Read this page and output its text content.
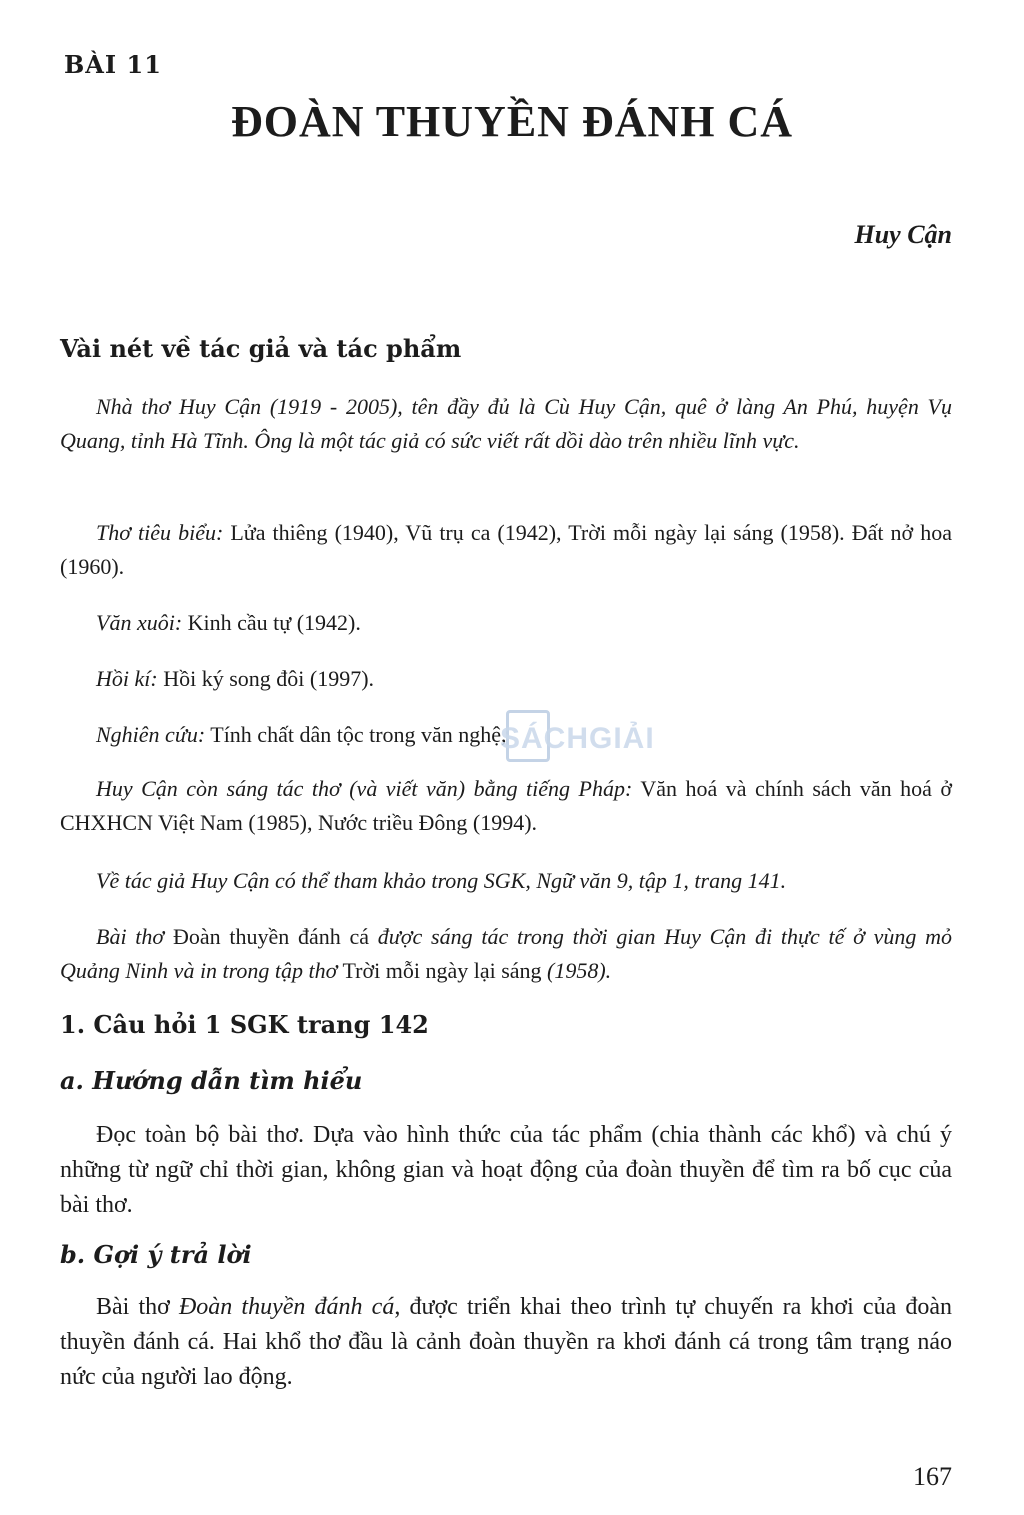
BÀI 11

ĐOÀN THUYỀN ĐÁNH CÁ

Huy Cận

Vài nét về tác giả và tác phẩm

Nhà thơ Huy Cận (1919 - 2005), tên đầy đủ là Cù Huy Cận, quê ở làng An Phú, huyện Vụ Quang, tỉnh Hà Tĩnh. Ông là một tác giả có sức viết rất dồi dào trên nhiều lĩnh vực.

Thơ tiêu biểu: Lửa thiêng (1940), Vũ trụ ca (1942), Trời mỗi ngày lại sáng (1958). Đất nở hoa (1960).

Văn xuôi: Kinh cầu tự (1942).

Hồi kí: Hồi ký song đôi (1997).

Nghiên cứu: Tính chất dân tộc trong văn nghệ,

Huy Cận còn sáng tác thơ (và viết văn) bằng tiếng Pháp: Văn hoá và chính sách văn hoá ở CHXHCN Việt Nam (1985), Nước triều Đông (1994).

Về tác giả Huy Cận có thể tham khảo trong SGK, Ngữ văn 9, tập 1, trang 141.

Bài thơ Đoàn thuyền đánh cá được sáng tác trong thời gian Huy Cận đi thực tế ở vùng mỏ Quảng Ninh và in trong tập thơ Trời mỗi ngày lại sáng (1958).

1. Câu hỏi 1 SGK trang 142
a. Hướng dẫn tìm hiểu

Đọc toàn bộ bài thơ. Dựa vào hình thức của tác phẩm (chia thành các khổ) và chú ý những từ ngữ chỉ thời gian, không gian và hoạt động của đoàn thuyền để tìm ra bố cục của bài thơ.

b. Gợi ý trả lời

Bài thơ Đoàn thuyền đánh cá, được triển khai theo trình tự chuyến ra khơi của đoàn thuyền đánh cá. Hai khổ thơ đầu là cảnh đoàn thuyền ra khơi đánh cá trong tâm trạng náo nức của người lao động.

SÁCHGIẢI

167
